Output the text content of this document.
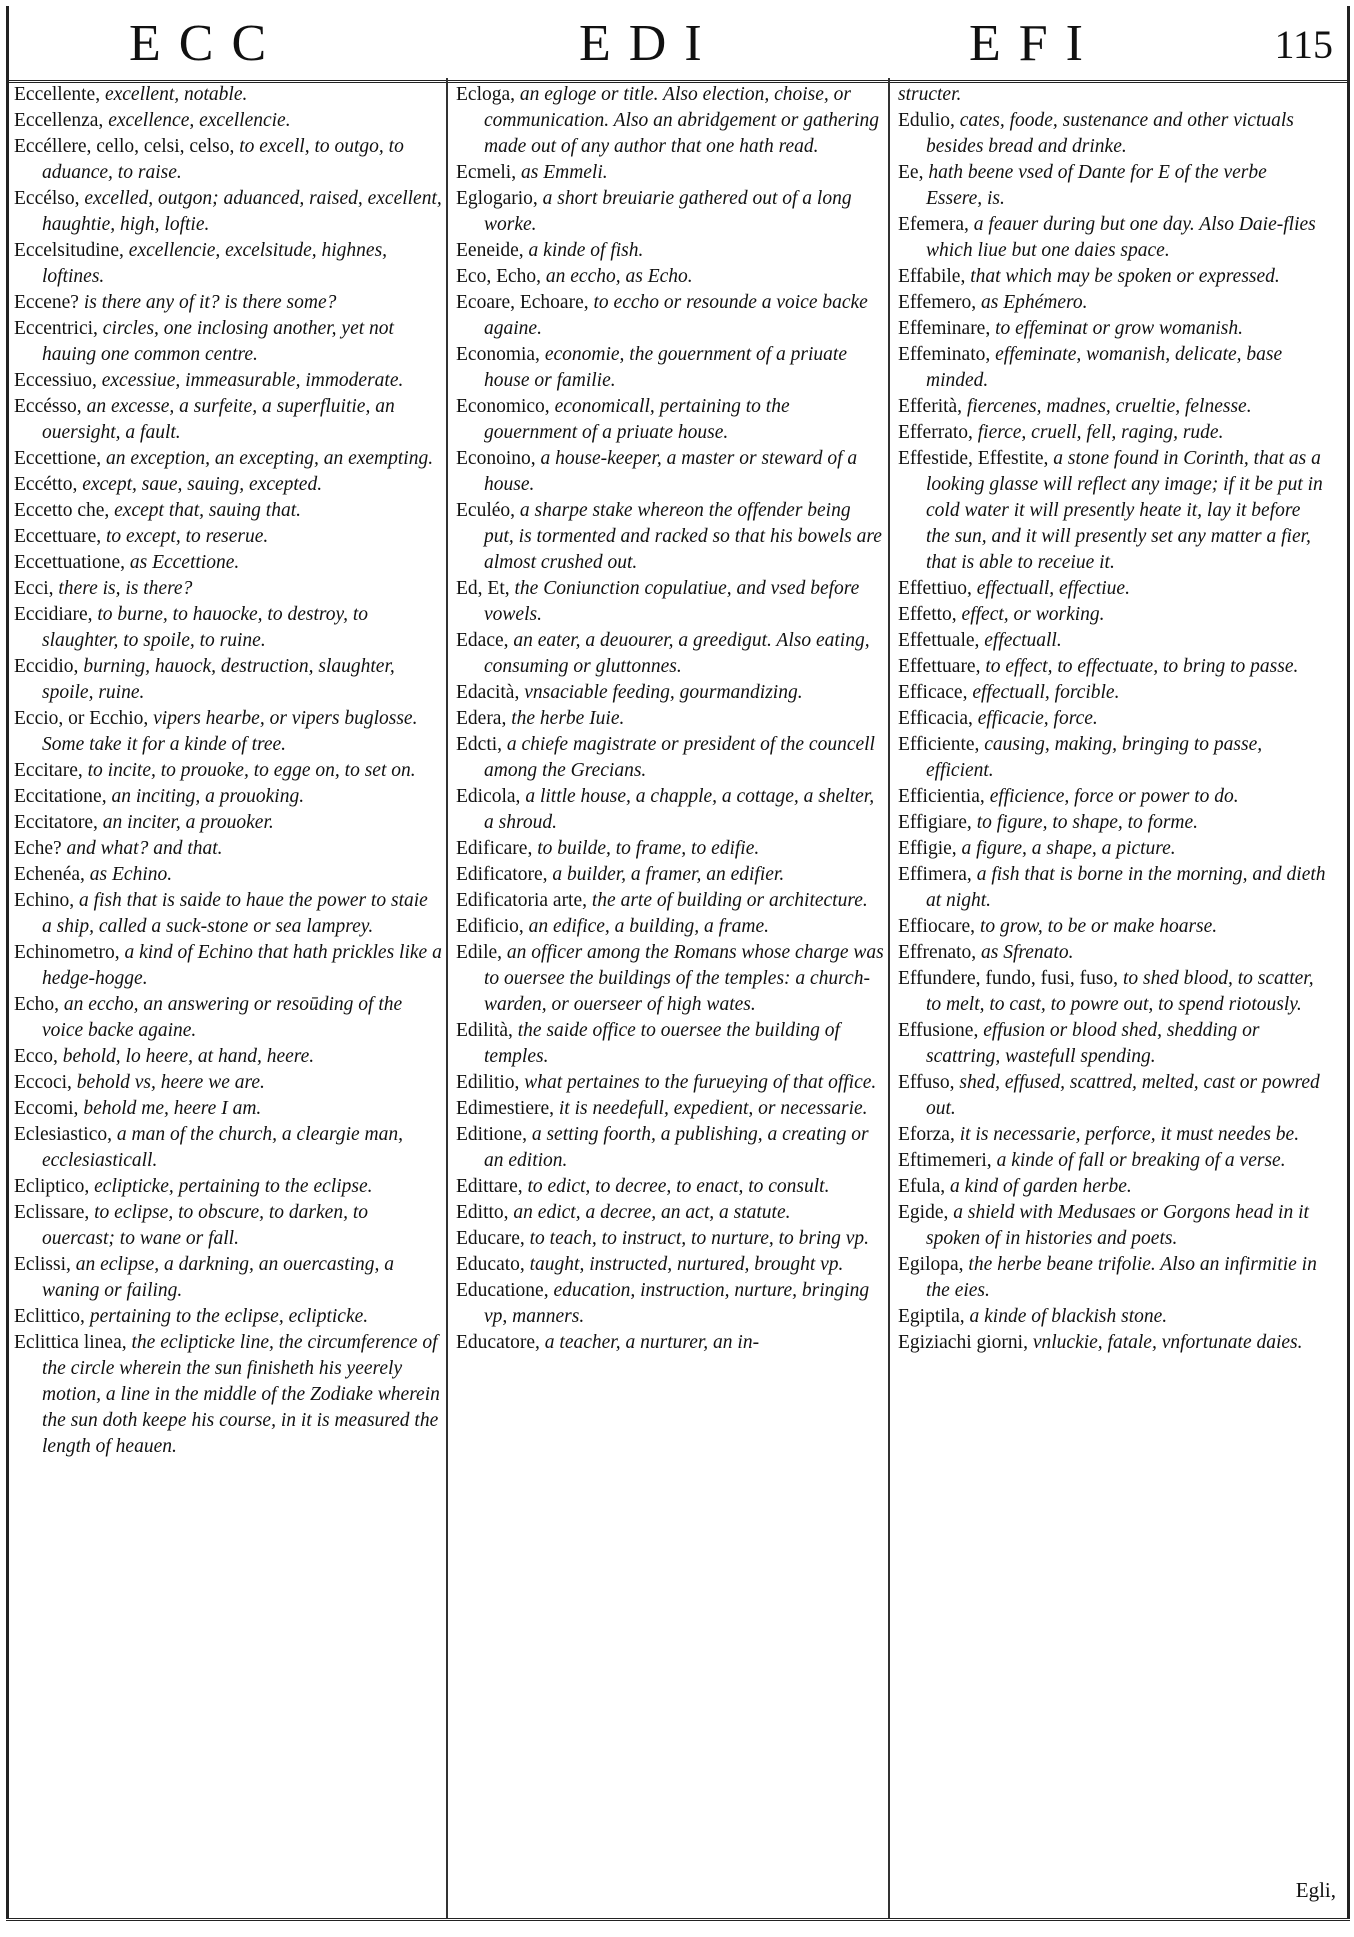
ECC	EDI	EFI	115

Eccellente, excellent, notable.

Eccellenza, excellence, excellencie.

Eccéllere, cello, celsi, celso, to excell, to outgo, to aduance, to raise.

Eccélso, excelled, outgon; aduanced, raised, excellent, haughtie, high, loftie.

Eccelsitudine, excellencie, excelsitude, highnes, loftines.

Eccene? is there any of it? is there some?

Eccentrici, circles, one inclosing another, yet not hauing one common centre.

Eccessiuo, excessiue, immeasurable, immoderate.

Eccésso, an excesse, a surfeite, a superfluitie, an ouersight, a fault.

Eccettione, an exception, an excepting, an exempting.

Eccétto, except, saue, sauing, excepted.

Eccetto che, except that, sauing that.

Eccettuare, to except, to reserue.

Eccettuatione, as Eccettione.

Ecci, there is, is there?

Eccidiare, to burne, to hauocke, to destroy, to slaughter, to spoile, to ruine.

Eccidio, burning, hauock, destruction, slaughter, spoile, ruine.

Eccio, or Ecchio, vipers hearbe, or vipers buglosse. Some take it for a kinde of tree.

Eccitare, to incite, to prouoke, to egge on, to set on.

Eccitatione, an inciting, a prouoking.

Eccitatore, an inciter, a prouoker.

Eche? and what? and that.

Echenéa, as Echino.

Echino, a fish that is saide to haue the power to staie a ship, called a suck-stone or sea lamprey.

Echinometro, a kind of Echino that hath prickles like a hedge-hogge.

Echo, an eccho, an answering or resoūding of the voice backe againe.

Ecco, behold, lo heere, at hand, heere.

Eccoci, behold vs, heere we are.

Eccomi, behold me, heere I am.

Eclesiastico, a man of the church, a cleargie man, ecclesiasticall.

Ecliptico, eclipticke, pertaining to the eclipse.

Eclissare, to eclipse, to obscure, to darken, to ouercast; to wane or fall.

Eclissi, an eclipse, a darkning, an ouercasting, a waning or failing.

Eclittico, pertaining to the eclipse, eclipticke.

Eclittica linea, the eclipticke line, the circumference of the circle wherein the sun finisheth his yeerely motion, a line in the middle of the Zodiake wherein the sun doth keepe his course, in it is measured the length of heauen.

Ecloga, an egloge or title. Also election, choise, or communication. Also an abridgement or gathering made out of any author that one hath read.

Ecmeli, as Emmeli.

Eglogario, a short breuiarie gathered out of a long worke.

Eeneide, a kinde of fish.

Eco, Echo, an eccho, as Echo.

Ecoare, Echoare, to eccho or resounde a voice backe againe.

Economia, economie, the gouernment of a priuate house or familie.

Economico, economicall, pertaining to the gouernment of a priuate house.

Econoino, a house-keeper, a master or steward of a house.

Eculéo, a sharpe stake whereon the offender being put, is tormented and racked so that his bowels are almost crushed out.

Ed, Et, the Coniunction copulatiue, and vsed before vowels.

Edace, an eater, a deuourer, a greedigut. Also eating, consuming or gluttonnes.

Edacità, vnsaciable feeding, gourmandizing.

Edera, the herbe Iuie.

Edcti, a chiefe magistrate or president of the councell among the Grecians.

Edicola, a little house, a chapple, a cottage, a shelter, a shroud.

Edificare, to builde, to frame, to edifie.

Edificatore, a builder, a framer, an edifier.

Edificatoria arte, the arte of building or architecture.

Edificio, an edifice, a building, a frame.

Edile, an officer among the Romans whose charge was to ouersee the buildings of the temples: a church-warden, or ouerseer of high wates.

Edilità, the saide office to ouersee the building of temples.

Edilitio, what pertaines to the furueying of that office.

Edimestiere, it is needefull, expedient, or necessarie.

Editione, a setting foorth, a publishing, a creating or an edition.

Edittare, to edict, to decree, to enact, to consult.

Editto, an edict, a decree, an act, a statute.

Educare, to teach, to instruct, to nurture, to bring vp.

Educato, taught, instructed, nurtured, brought vp.

Educatione, education, instruction, nurture, bringing vp, manners.

Educatore, a teacher, a nurturer, an in-

structer.

Edulio, cates, foode, sustenance and other victuals besides bread and drinke.

Ee, hath beene vsed of Dante for E of the verbe Essere, is.

Efemera, a feauer during but one day. Also Daie-flies which liue but one daies space.

Effabile, that which may be spoken or expressed.

Effemero, as Ephémero.

Effeminare, to effeminat or grow womanish.

Effeminato, effeminate, womanish, delicate, base minded.

Efferità, fiercenes, madnes, crueltie, felnesse.

Efferrato, fierce, cruell, fell, raging, rude.

Effestide, Effestite, a stone found in Corinth, that as a looking glasse will reflect any image; if it be put in cold water it will presently heate it, lay it before the sun, and it will presently set any matter a fier, that is able to receiue it.

Effettiuo, effectuall, effectiue.

Effetto, effect, or working.

Effettuale, effectuall.

Effettuare, to effect, to effectuate, to bring to passe.

Efficace, effectuall, forcible.

Efficacia, efficacie, force.

Efficiente, causing, making, bringing to passe, efficient.

Efficientia, efficience, force or power to do.

Effigiare, to figure, to shape, to forme.

Effigie, a figure, a shape, a picture.

Effimera, a fish that is borne in the morning, and dieth at night.

Effiocare, to grow, to be or make hoarse.

Effrenato, as Sfrenato.

Effundere, fundo, fusi, fuso, to shed blood, to scatter, to melt, to cast, to powre out, to spend riotously.

Effusione, effusion or blood shed, shedding or scattring, wastefull spending.

Effuso, shed, effused, scattred, melted, cast or powred out.

Eforza, it is necessarie, perforce, it must needes be.

Eftimemeri, a kinde of fall or breaking of a verse.

Efula, a kind of garden herbe.

Egide, a shield with Medusaes or Gorgons head in it spoken of in histories and poets.

Egilopa, the herbe beane trifolie. Also an infirmitie in the eies.

Egiptila, a kinde of blackish stone.

Egiziachi giorni, vnluckie, fatale, vnfortunate daies.

Egli,
